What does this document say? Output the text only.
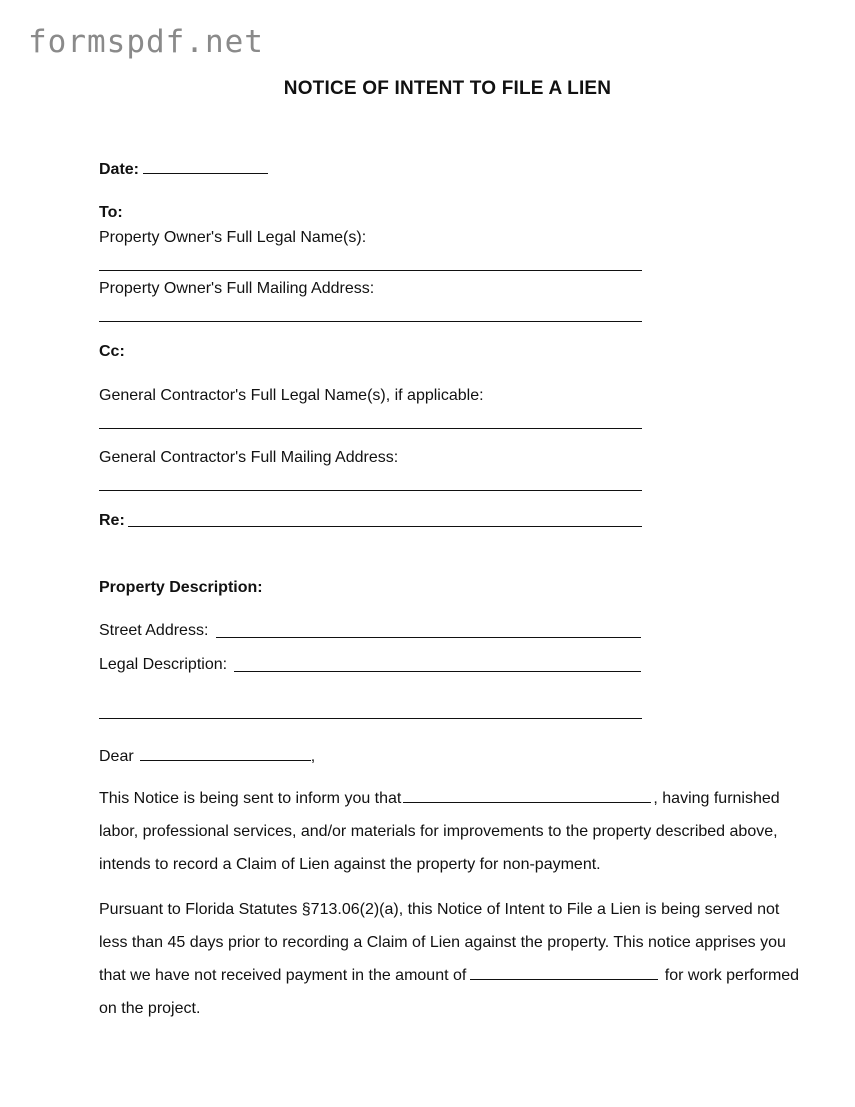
formspdf.net
NOTICE OF INTENT TO FILE A LIEN
Date:
To:
Property Owner's Full Legal Name(s):
Property Owner's Full Mailing Address:
Cc:
General Contractor's Full Legal Name(s), if applicable:
General Contractor's Full Mailing Address:
Re:
Property Description:
Street Address:
Legal Description:
Dear	,
This Notice is being sent to inform you that	, having furnished labor, professional services, and/or materials for improvements to the property described above, intends to record a Claim of Lien against the property for non-payment.
Pursuant to Florida Statutes §713.06(2)(a), this Notice of Intent to File a Lien is being served not less than 45 days prior to recording a Claim of Lien against the property. This notice apprises you that we have not received payment in the amount of	for work performed on the project.
